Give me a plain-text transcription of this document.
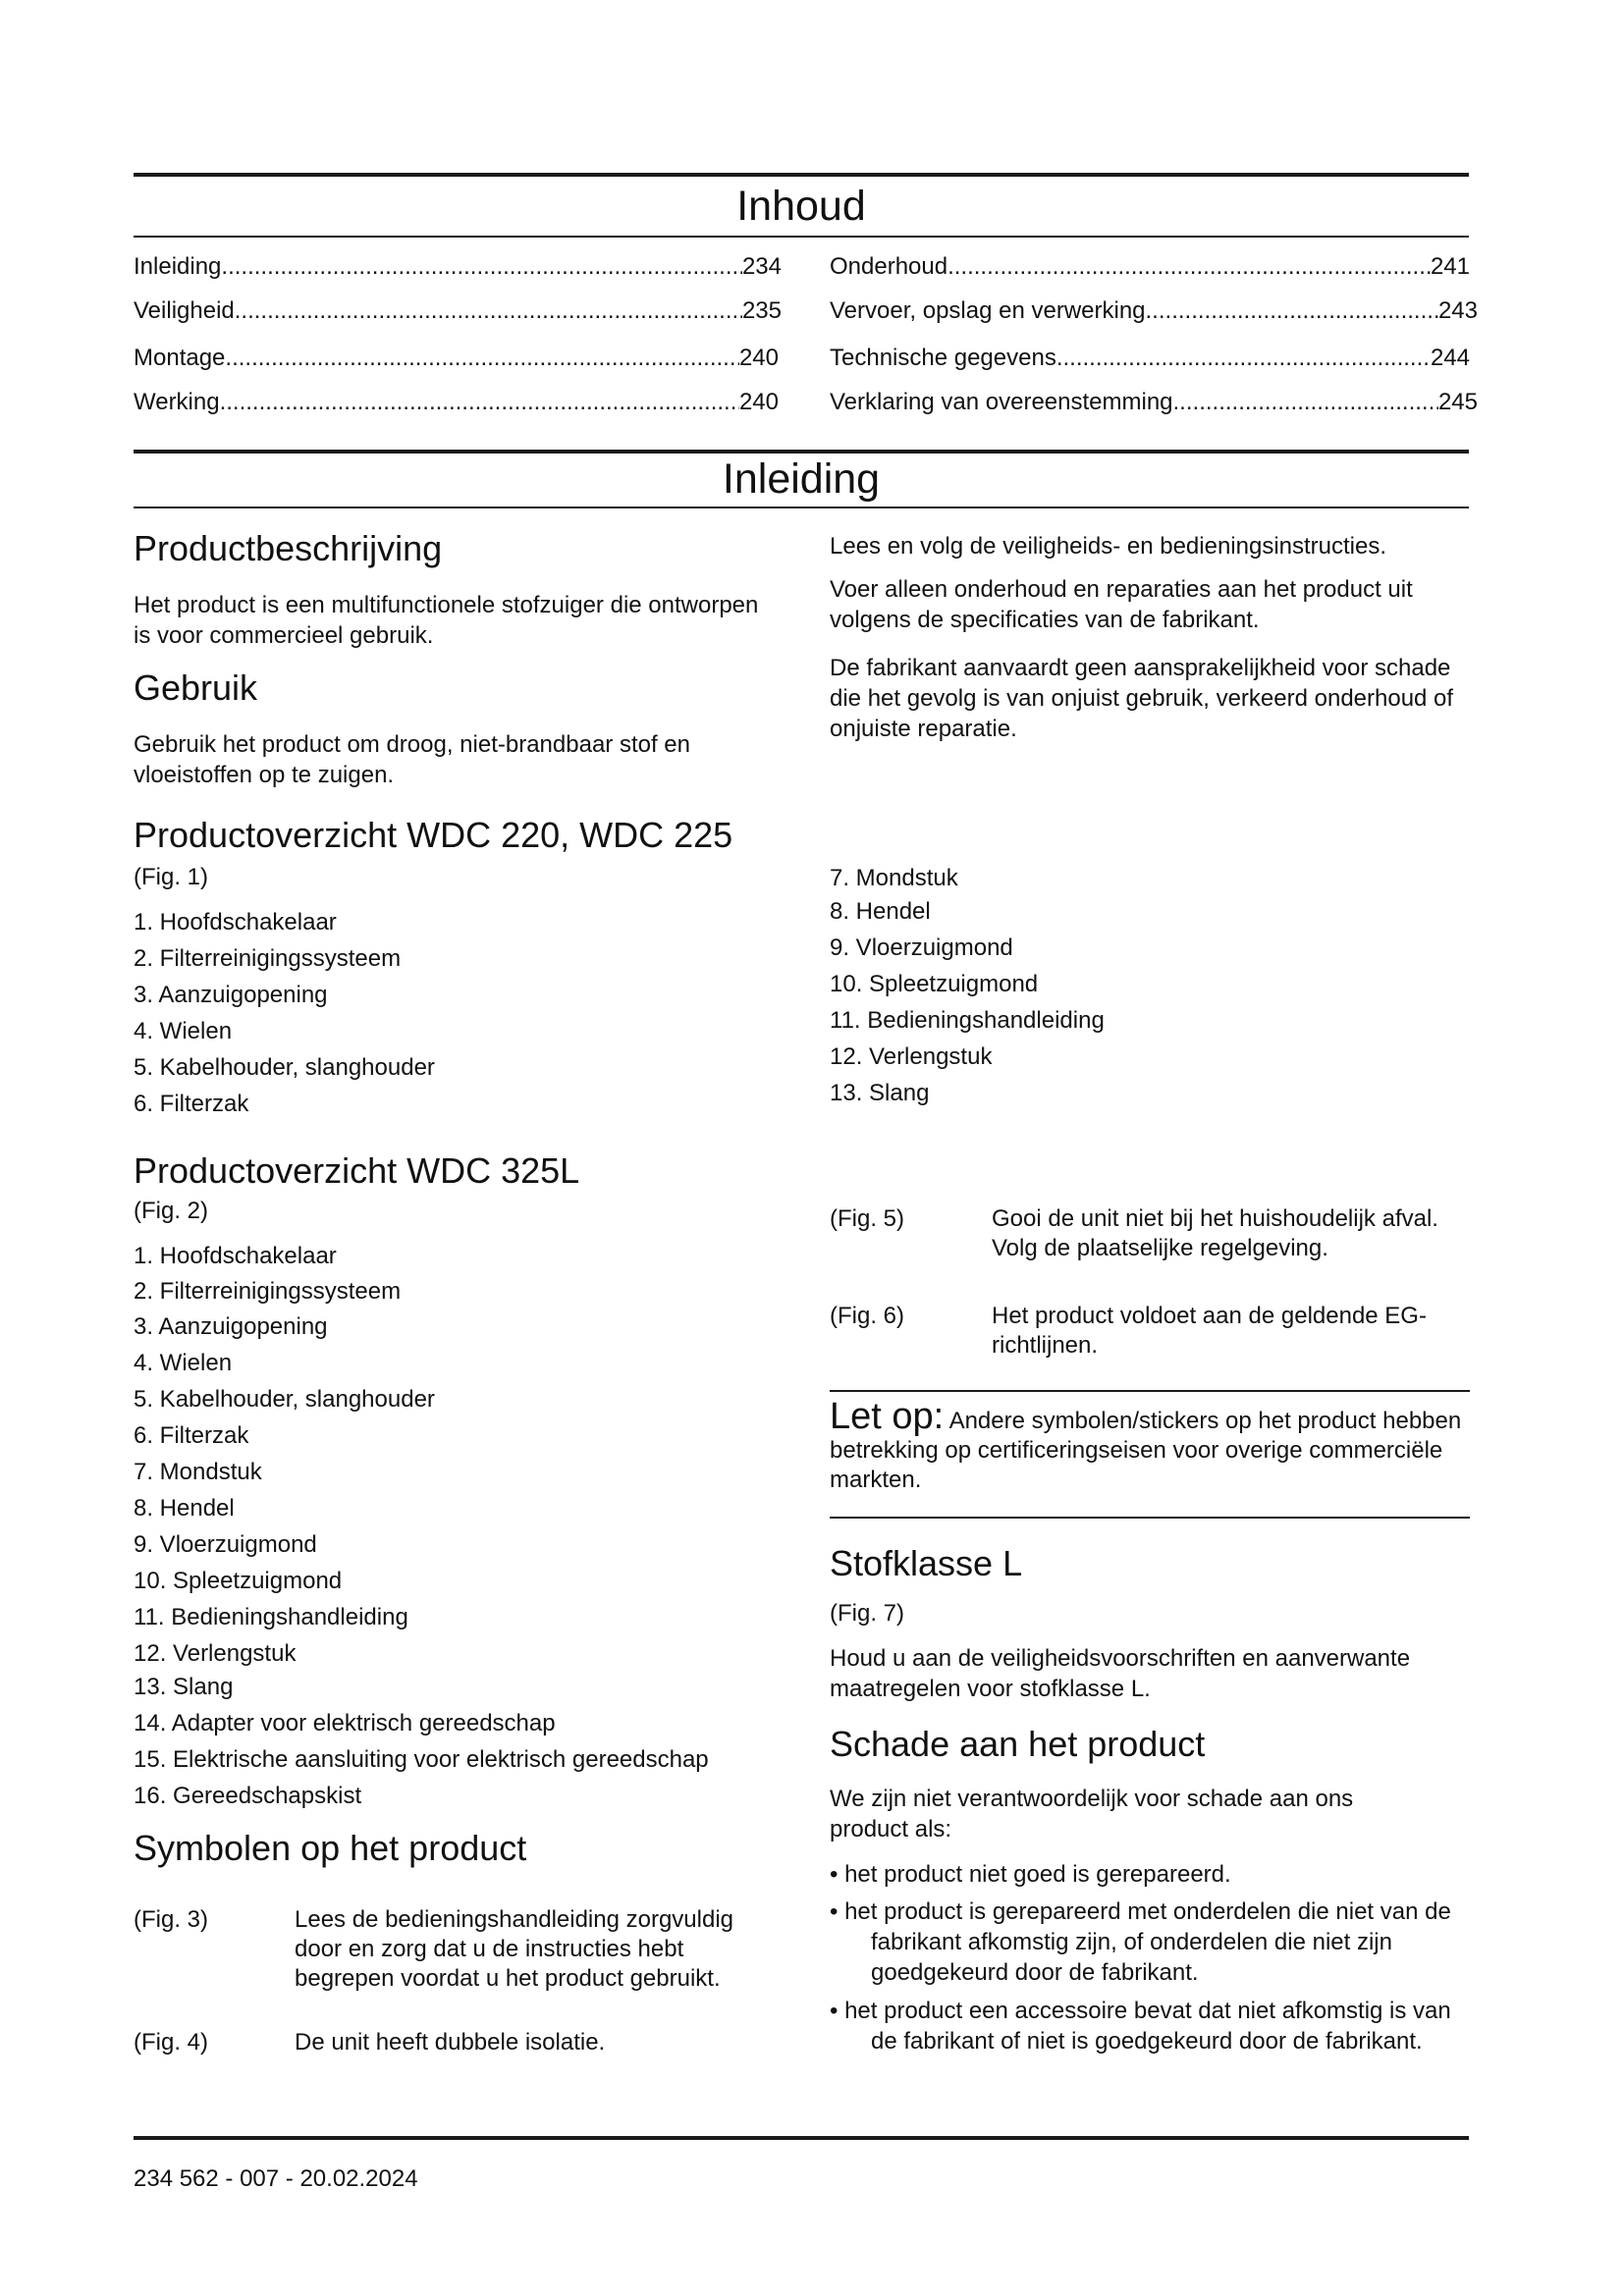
Inhoud
Inleiding .....	234
Veiligheid .....	235
Montage .....	240
Werking .....	240
Onderhoud .....	241
Vervoer, opslag en verwerking .....	243
Technische gegevens .....	244
Verklaring van overeenstemming .....	245
Inleiding
Productbeschrijving
Het product is een multifunctionele stofzuiger die ontworpen is voor commercieel gebruik.
Gebruik
Gebruik het product om droog, niet-brandbaar stof en vloeistoffen op te zuigen.
Lees en volg de veiligheids- en bedieningsinstructies.
Voer alleen onderhoud en reparaties aan het product uit volgens de specificaties van de fabrikant.
De fabrikant aanvaardt geen aansprakelijkheid voor schade die het gevolg is van onjuist gebruik, verkeerd onderhoud of onjuiste reparatie.
Productoverzicht WDC 220, WDC 225
(Fig. 1)
1. Hoofdschakelaar
2. Filterreinigingssysteem
3. Aanzuigopening
4. Wielen
5. Kabelhouder, slanghouder
6. Filterzak
7. Mondstuk
8. Hendel
9. Vloerzuigmond
10. Spleetzuigmond
11. Bedieningshandleiding
12. Verlengstuk
13. Slang
Productoverzicht WDC 325L
(Fig. 2)
1. Hoofdschakelaar
2. Filterreinigingssysteem
3. Aanzuigopening
4. Wielen
5. Kabelhouder, slanghouder
6. Filterzak
7. Mondstuk
8. Hendel
9. Vloerzuigmond
10. Spleetzuigmond
11. Bedieningshandleiding
12. Verlengstuk
13. Slang
14. Adapter voor elektrisch gereedschap
15. Elektrische aansluiting voor elektrisch gereedschap
16. Gereedschapskist
Symbolen op het product
(Fig. 3)	Lees de bedieningshandleiding zorgvuldig door en zorg dat u de instructies hebt begrepen voordat u het product gebruikt.
(Fig. 4)	De unit heeft dubbele isolatie.
(Fig. 5)	Gooi de unit niet bij het huishoudelijk afval. Volg de plaatselijke regelgeving.
(Fig. 6)	Het product voldoet aan de geldende EG-richtlijnen.
Let op: Andere symbolen/stickers op het product hebben betrekking op certificeringseisen voor overige commerciële markten.
Stofklasse L
(Fig. 7)
Houd u aan de veiligheidsvoorschriften en aanverwante maatregelen voor stofklasse L.
Schade aan het product
We zijn niet verantwoordelijk voor schade aan ons product als:
• het product niet goed is gerepareerd.
• het product is gerepareerd met onderdelen die niet van de fabrikant afkomstig zijn, of onderdelen die niet zijn goedgekeurd door de fabrikant.
• het product een accessoire bevat dat niet afkomstig is van de fabrikant of niet is goedgekeurd door de fabrikant.
234 562 - 007 - 20.02.2024
